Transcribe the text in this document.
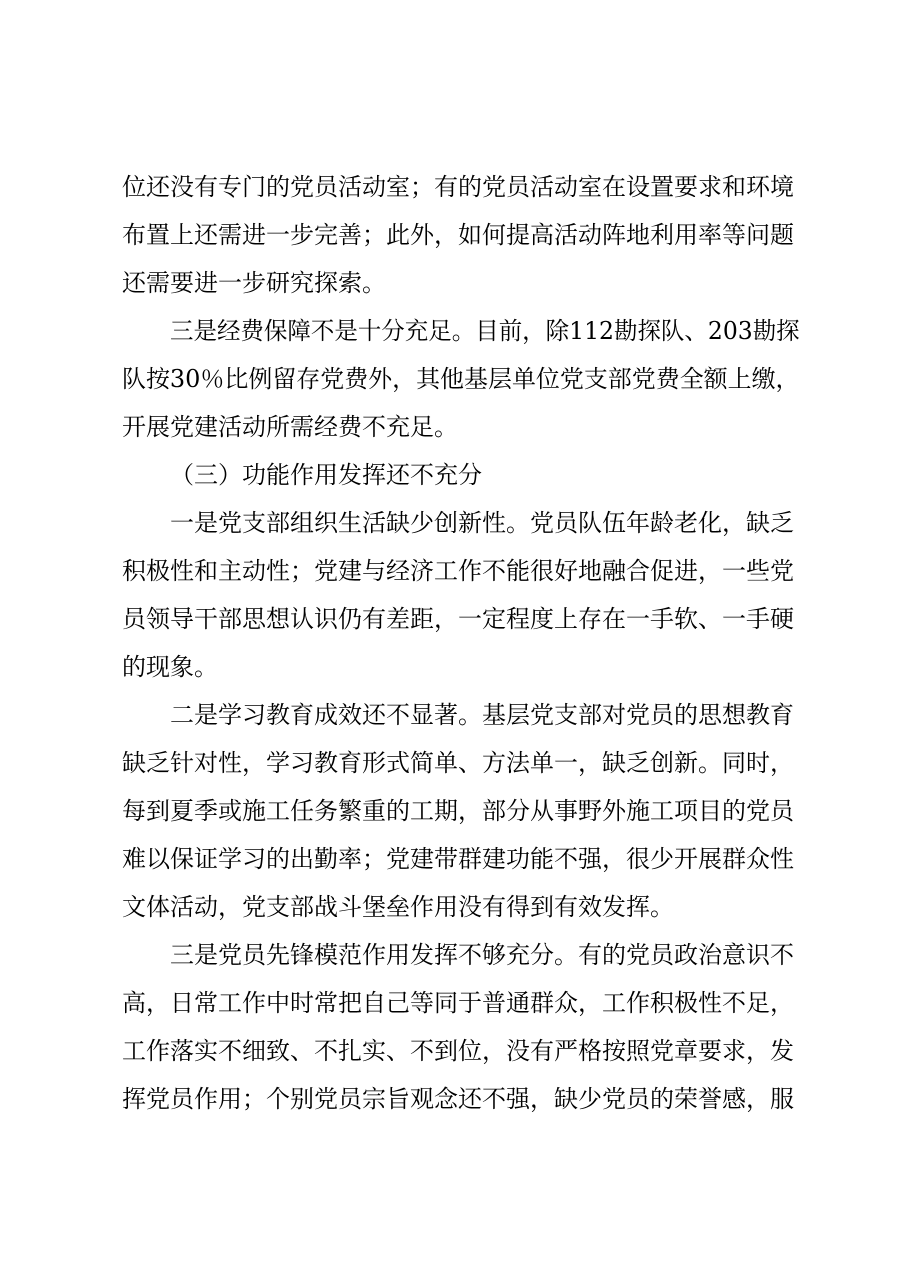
位还没有专门的党员活动室；有的党员活动室在设置要求和环境
布置上还需进一步完善；此外，如何提高活动阵地利用率等问题
还需要进一步研究探索。
三是经费保障不是十分充足。目前，除112勘探队、203勘探
队按30％比例留存党费外，其他基层单位党支部党费全额上缴，
开展党建活动所需经费不充足。
（三）功能作用发挥还不充分
一是党支部组织生活缺少创新性。党员队伍年龄老化，缺乏
积极性和主动性；党建与经济工作不能很好地融合促进，一些党
员领导干部思想认识仍有差距，一定程度上存在一手软、一手硬
的现象。
二是学习教育成效还不显著。基层党支部对党员的思想教育
缺乏针对性，学习教育形式简单、方法单一，缺乏创新。同时，
每到夏季或施工任务繁重的工期，部分从事野外施工项目的党员
难以保证学习的出勤率；党建带群建功能不强，很少开展群众性
文体活动，党支部战斗堡垒作用没有得到有效发挥。
三是党员先锋模范作用发挥不够充分。有的党员政治意识不
高，日常工作中时常把自己等同于普通群众，工作积极性不足，
工作落实不细致、不扎实、不到位，没有严格按照党章要求，发
挥党员作用；个别党员宗旨观念还不强，缺少党员的荣誉感，服
